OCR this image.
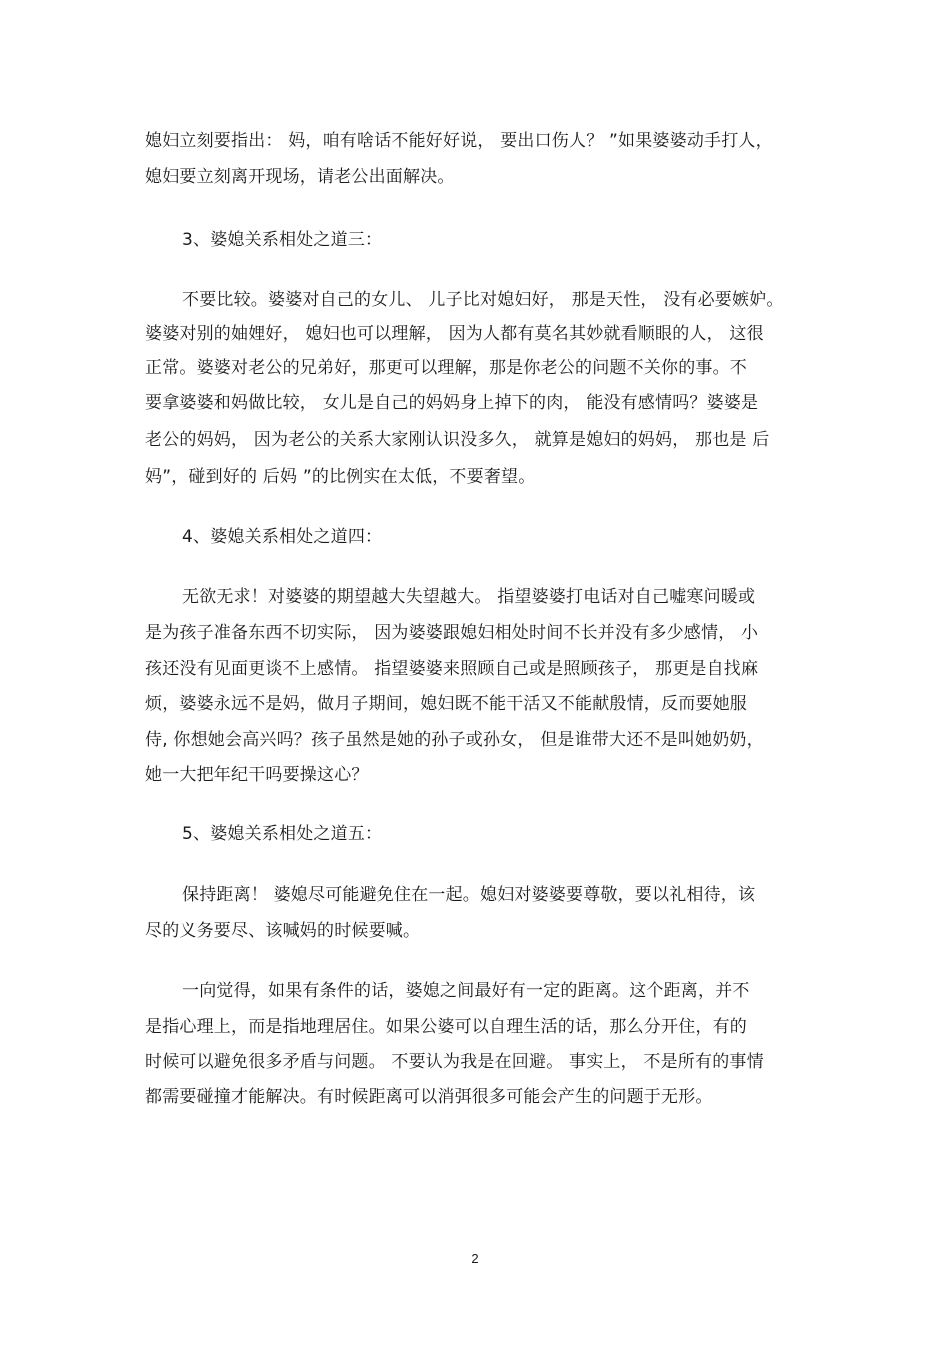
媳妇立刻要指出： 妈，咱有啥话不能好好说， 要出口伤人？ ”如果婆婆动手打人，
媳妇要立刻离开现场，请老公出面解决。
3、婆媳关系相处之道三：
不要比较。婆婆对自己的女儿、 儿子比对媳妇好， 那是天性， 没有必要嫉妒。
婆婆对别的妯娌好， 媳妇也可以理解， 因为人都有莫名其妙就看顺眼的人， 这很
正常。婆婆对老公的兄弟好，那更可以理解，那是你老公的问题不关你的事。不
要拿婆婆和妈做比较， 女儿是自己的妈妈身上掉下的肉， 能没有感情吗？婆婆是
老公的妈妈， 因为老公的关系大家刚认识没多久， 就算是媳妇的妈妈， 那也是 后
妈”，碰到好的 后妈 ”的比例实在太低，不要奢望。
4、婆媳关系相处之道四：
无欲无求！对婆婆的期望越大失望越大。 指望婆婆打电话对自己嘘寒问暖或
是为孩子准备东西不切实际， 因为婆婆跟媳妇相处时间不长并没有多少感情， 小
孩还没有见面更谈不上感情。 指望婆婆来照顾自己或是照顾孩子， 那更是自找麻
烦，婆婆永远不是妈，做月子期间，媳妇既不能干活又不能献殷情，反而要她服
侍, 你想她会高兴吗？孩子虽然是她的孙子或孙女， 但是谁带大还不是叫她奶奶，
她一大把年纪干吗要操这心？
5、婆媳关系相处之道五：
保持距离！ 婆媳尽可能避免住在一起。媳妇对婆婆要尊敬，要以礼相待，该
尽的义务要尽、该喊妈的时候要喊。
一向觉得，如果有条件的话，婆媳之间最好有一定的距离。这个距离，并不
是指心理上，而是指地理居住。如果公婆可以自理生活的话，那么分开住，有的
时候可以避免很多矛盾与问题。 不要认为我是在回避。 事实上， 不是所有的事情
都需要碰撞才能解决。有时候距离可以消弭很多可能会产生的问题于无形。
2
